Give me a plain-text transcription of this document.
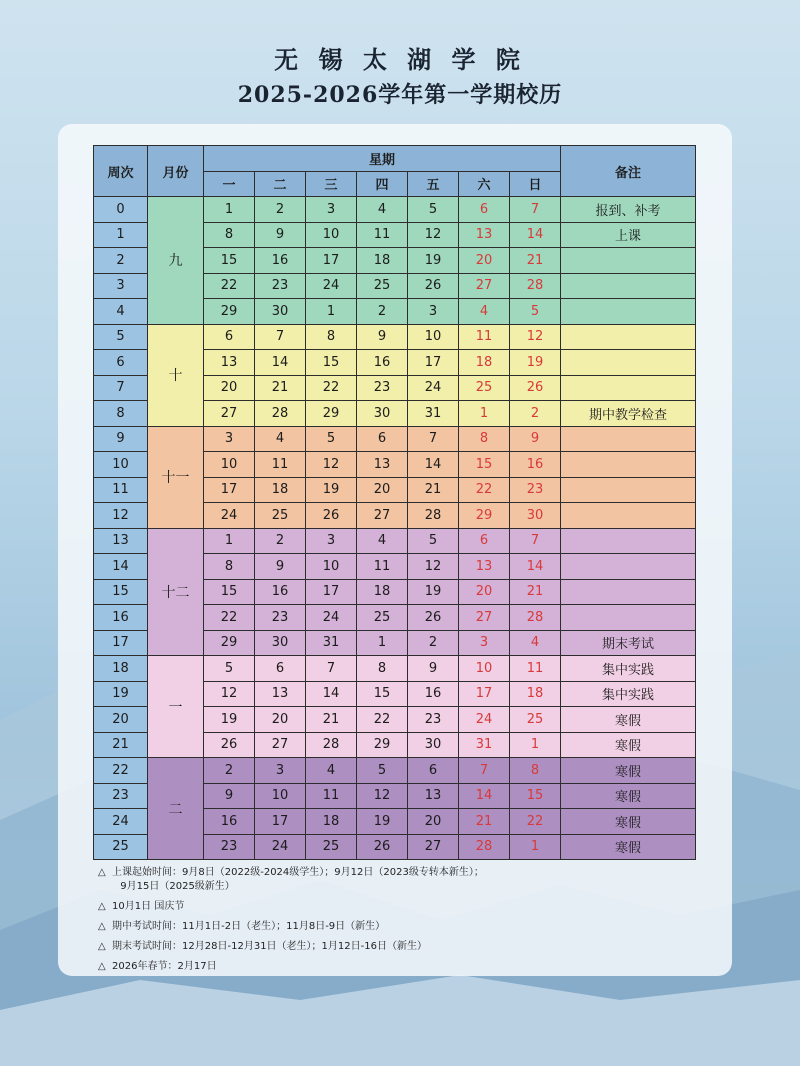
无 锡 太 湖 学 院
2025-2026学年第一学期校历
周次	月份	星期							备注
		一	二	三	四	五	六	日	
0	九	1	2	3	4	5	6	7	报到、补考
1		8	9	10	11	12	13	14	上课
2		15	16	17	18	19	20	21	
3		22	23	24	25	26	27	28	
4		29	30	1	2	3	4	5	
5	十	6	7	8	9	10	11	12	
6		13	14	15	16	17	18	19	
7		20	21	22	23	24	25	26	
8		27	28	29	30	31	1	2	期中教学检查
9	十一	3	4	5	6	7	8	9	
10		10	11	12	13	14	15	16	
11		17	18	19	20	21	22	23	
12		24	25	26	27	28	29	30	
13	十二	1	2	3	4	5	6	7	
14		8	9	10	11	12	13	14	
15		15	16	17	18	19	20	21	
16		22	23	24	25	26	27	28	
17		29	30	31	1	2	3	4	期末考试
18	一	5	6	7	8	9	10	11	集中实践
19		12	13	14	15	16	17	18	集中实践
20		19	20	21	22	23	24	25	寒假
21		26	27	28	29	30	31	1	寒假
22	二	2	3	4	5	6	7	8	寒假
23		9	10	11	12	13	14	15	寒假
24		16	17	18	19	20	21	22	寒假
25		23	24	25	26	27	28	1	寒假
△  上课起始时间：9月8日（2022级-2024级学生）；9月12日（2023级专转本新生）；
9月15日（2025级新生）
△  10月1日 国庆节
△  期中考试时间：11月1日-2日（老生）；11月8日-9日（新生）
△  期末考试时间：12月28日-12月31日（老生）；1月12日-16日（新生）
△  2026年春节：2月17日
